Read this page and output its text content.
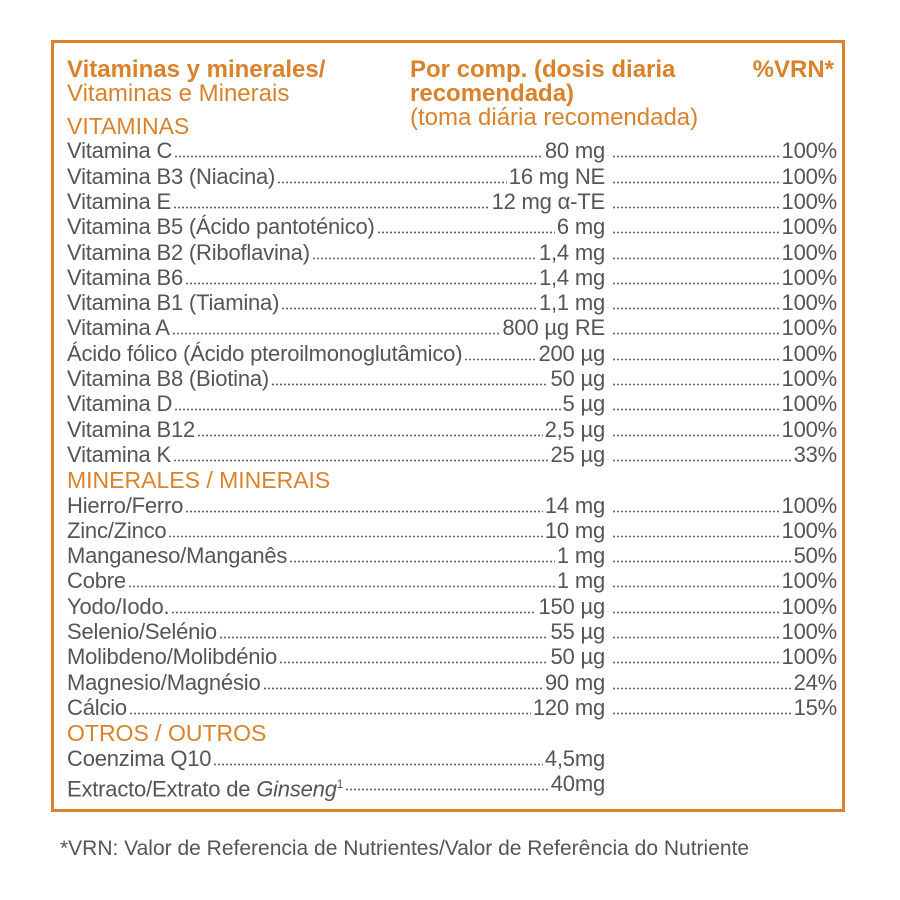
Vitaminas y minerales/
Vitaminas e Minerais
Por comp. (dosis diaria
recomendada)
(toma diária recomendada)
%VRN*
VITAMINAS
Vitamina C	80 mg	100%
Vitamina B3 (Niacina)	16 mg NE	100%
Vitamina E	12 mg α-TE	100%
Vitamina B5 (Ácido pantoténico)	6 mg	100%
Vitamina B2 (Riboflavina)	1,4 mg	100%
Vitamina B6	1,4 mg	100%
Vitamina B1 (Tiamina)	1,1 mg	100%
Vitamina A	800 µg RE	100%
Ácido fólico (Ácido pteroilmonoglutâmico)	200 µg	100%
Vitamina B8 (Biotina)	50 µg	100%
Vitamina D	5 µg	100%
Vitamina B12	2,5 µg	100%
Vitamina K	25 µg	33%
MINERALES / MINERAIS
Hierro/Ferro	14 mg	100%
Zinc/Zinco	10 mg	100%
Manganeso/Manganês	1 mg	50%
Cobre	1 mg	100%
Yodo/Iodo.	150 µg	100%
Selenio/Selénio	55 µg	100%
Molibdeno/Molibdénio	50 µg	100%
Magnesio/Magnésio	90 mg	24%
Cálcio	120 mg	15%
OTROS / OUTROS
Coenzima Q10	4,5mg
Extracto/Extrato de Ginseng$^1$	40mg
*VRN: Valor de Referencia de Nutrientes/Valor de Referência do Nutriente
